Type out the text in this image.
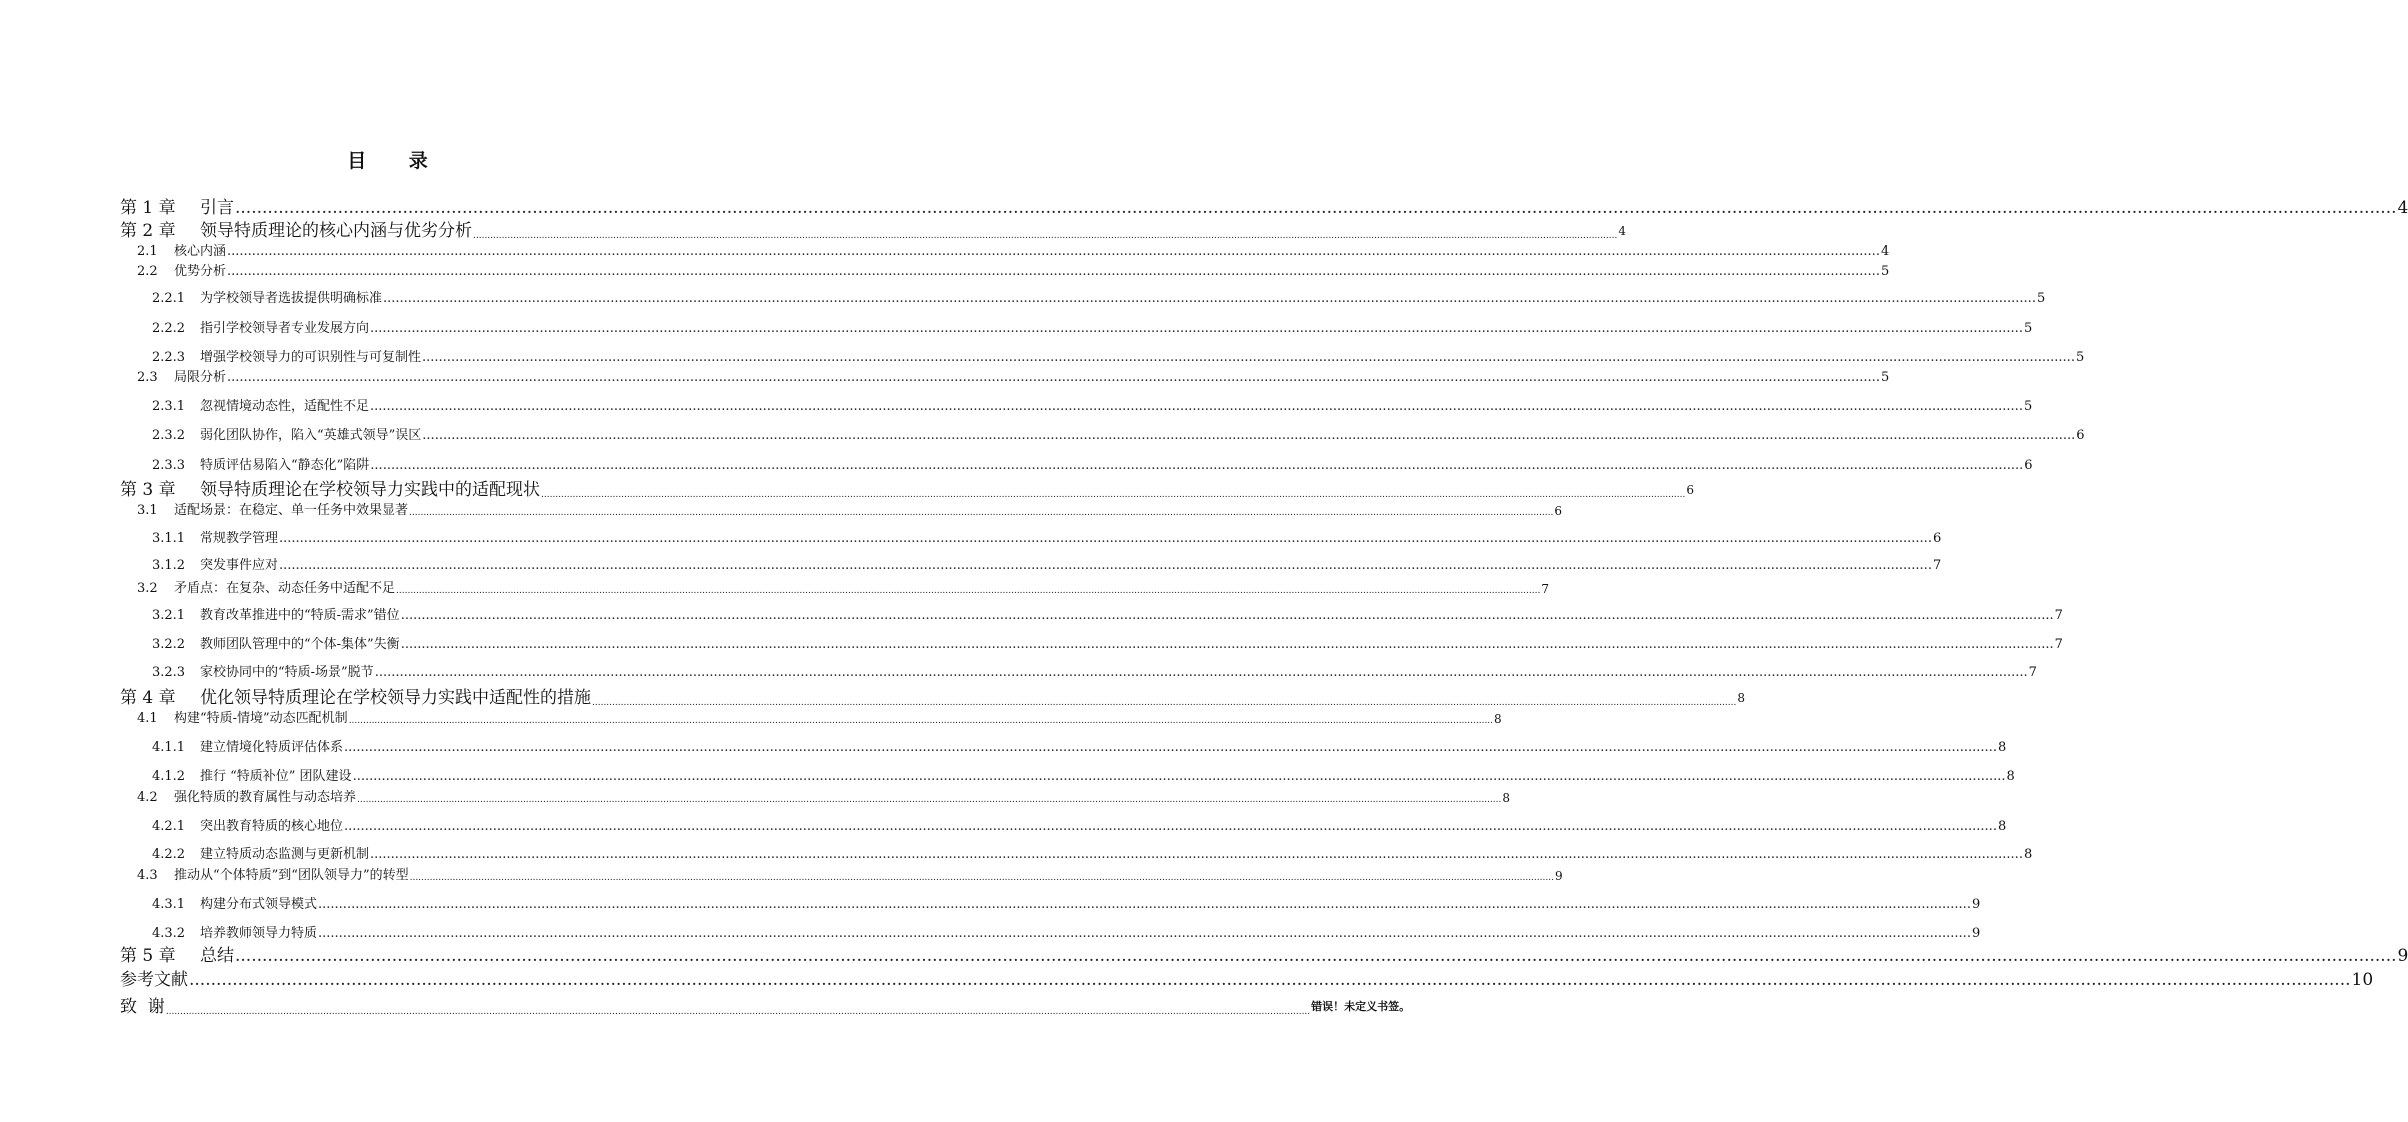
目 录
第 1 章 引言 ................................................................................................................................................................................................................................................................................................................................................................................................................ 4
第 2 章 领导特质理论的核心内涵与优劣分析 ................................................................................................................................................................................................................................................................................................................................................................................................................ 4
2.1 核心内涵 ................................................................................................................................................................................................................................................................................................................................................................................................................ 4
2.2 优势分析 ................................................................................................................................................................................................................................................................................................................................................................................................................ 5
2.2.1 为学校领导者选拔提供明确标准 ................................................................................................................................................................................................................................................................................................................................................................................................................ 5
2.2.2 指引学校领导者专业发展方向 ................................................................................................................................................................................................................................................................................................................................................................................................................ 5
2.2.3 增强学校领导力的可识别性与可复制性 ................................................................................................................................................................................................................................................................................................................................................................................................................ 5
2.3 局限分析 ................................................................................................................................................................................................................................................................................................................................................................................................................ 5
2.3.1 忽视情境动态性，适配性不足 ................................................................................................................................................................................................................................................................................................................................................................................................................ 5
2.3.2 弱化团队协作，陷入“英雄式领导”误区 ................................................................................................................................................................................................................................................................................................................................................................................................................ 6
2.3.3 特质评估易陷入“静态化”陷阱 ................................................................................................................................................................................................................................................................................................................................................................................................................ 6
第 3 章 领导特质理论在学校领导力实践中的适配现状 ................................................................................................................................................................................................................................................................................................................................................................................................................ 6
3.1 适配场景：在稳定、单一任务中效果显著 ................................................................................................................................................................................................................................................................................................................................................................................................................ 6
3.1.1 常规教学管理 ................................................................................................................................................................................................................................................................................................................................................................................................................ 6
3.1.2 突发事件应对 ................................................................................................................................................................................................................................................................................................................................................................................................................ 7
3.2 矛盾点：在复杂、动态任务中适配不足 ................................................................................................................................................................................................................................................................................................................................................................................................................ 7
3.2.1 教育改革推进中的“特质-需求”错位 ................................................................................................................................................................................................................................................................................................................................................................................................................ 7
3.2.2 教师团队管理中的“个体-集体”失衡 ................................................................................................................................................................................................................................................................................................................................................................................................................ 7
3.2.3 家校协同中的“特质-场景”脱节 ................................................................................................................................................................................................................................................................................................................................................................................................................ 7
第 4 章 优化领导特质理论在学校领导力实践中适配性的措施 ................................................................................................................................................................................................................................................................................................................................................................................................................ 8
4.1 构建“特质-情境”动态匹配机制 ................................................................................................................................................................................................................................................................................................................................................................................................................ 8
4.1.1 建立情境化特质评估体系 ................................................................................................................................................................................................................................................................................................................................................................................................................ 8
4.1.2 推行 “特质补位” 团队建设 ................................................................................................................................................................................................................................................................................................................................................................................................................ 8
4.2 强化特质的教育属性与动态培养 ................................................................................................................................................................................................................................................................................................................................................................................................................ 8
4.2.1 突出教育特质的核心地位 ................................................................................................................................................................................................................................................................................................................................................................................................................ 8
4.2.2 建立特质动态监测与更新机制 ................................................................................................................................................................................................................................................................................................................................................................................................................ 8
4.3 推动从“个体特质”到“团队领导力”的转型 ................................................................................................................................................................................................................................................................................................................................................................................................................ 9
4.3.1 构建分布式领导模式 ................................................................................................................................................................................................................................................................................................................................................................................................................ 9
4.3.2 培养教师领导力特质 ................................................................................................................................................................................................................................................................................................................................................................................................................ 9
第 5 章 总结 ................................................................................................................................................................................................................................................................................................................................................................................................................ 9
参考文献 ................................................................................................................................................................................................................................................................................................................................................................................................................ 10
致  谢 ................................................................................................................................................................................................................................................................................................................................................................................................................ 错误！未定义书签。
